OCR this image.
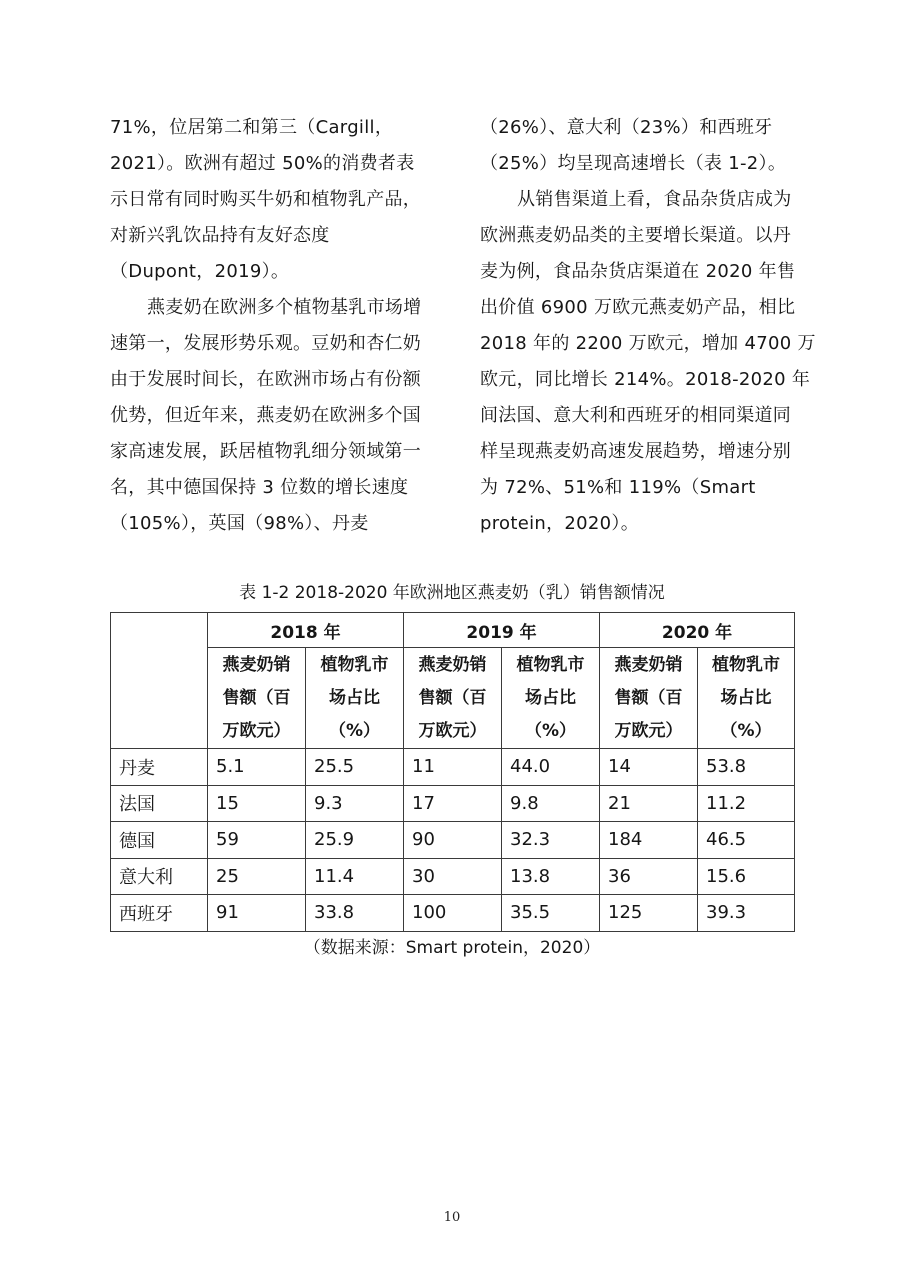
71%，位居第二和第三（Cargill，
2021）。欧洲有超过 50%的消费者表
示日常有同时购买牛奶和植物乳产品，
对新兴乳饮品持有友好态度
（Dupont，2019）。
燕麦奶在欧洲多个植物基乳市场增
速第一，发展形势乐观。豆奶和杏仁奶
由于发展时间长，在欧洲市场占有份额
优势，但近年来，燕麦奶在欧洲多个国
家高速发展，跃居植物乳细分领域第一
名，其中德国保持 3 位数的增长速度
（105%），英国（98%）、丹麦
（26%）、意大利（23%）和西班牙
（25%）均呈现高速增长（表 1-2）。
从销售渠道上看，食品杂货店成为
欧洲燕麦奶品类的主要增长渠道。以丹
麦为例，食品杂货店渠道在 2020 年售
出价值 6900 万欧元燕麦奶产品，相比
2018 年的 2200 万欧元，增加 4700 万
欧元，同比增长 214%。2018-2020 年
间法国、意大利和西班牙的相同渠道同
样呈现燕麦奶高速发展趋势，增速分别
为 72%、51%和 119%（Smart
protein，2020）。
表 1-2 2018-2020 年欧洲地区燕麦奶（乳）销售额情况
	2018 年		2019 年		2020 年	

	燕麦奶销
售额（百
万欧元）	植物乳市
场占比
（%）	燕麦奶销
售额（百
万欧元）	植物乳市
场占比
（%）	燕麦奶销
售额（百
万欧元）	植物乳市
场占比
（%）

丹麦	5.1	25.5	11	44.0	14	53.8
法国	15	9.3	17	9.8	21	11.2
德国	59	25.9	90	32.3	184	46.5
意大利	25	11.4	30	13.8	36	15.6
西班牙	91	33.8	100	35.5	125	39.3
（数据来源：Smart protein，2020）
10
